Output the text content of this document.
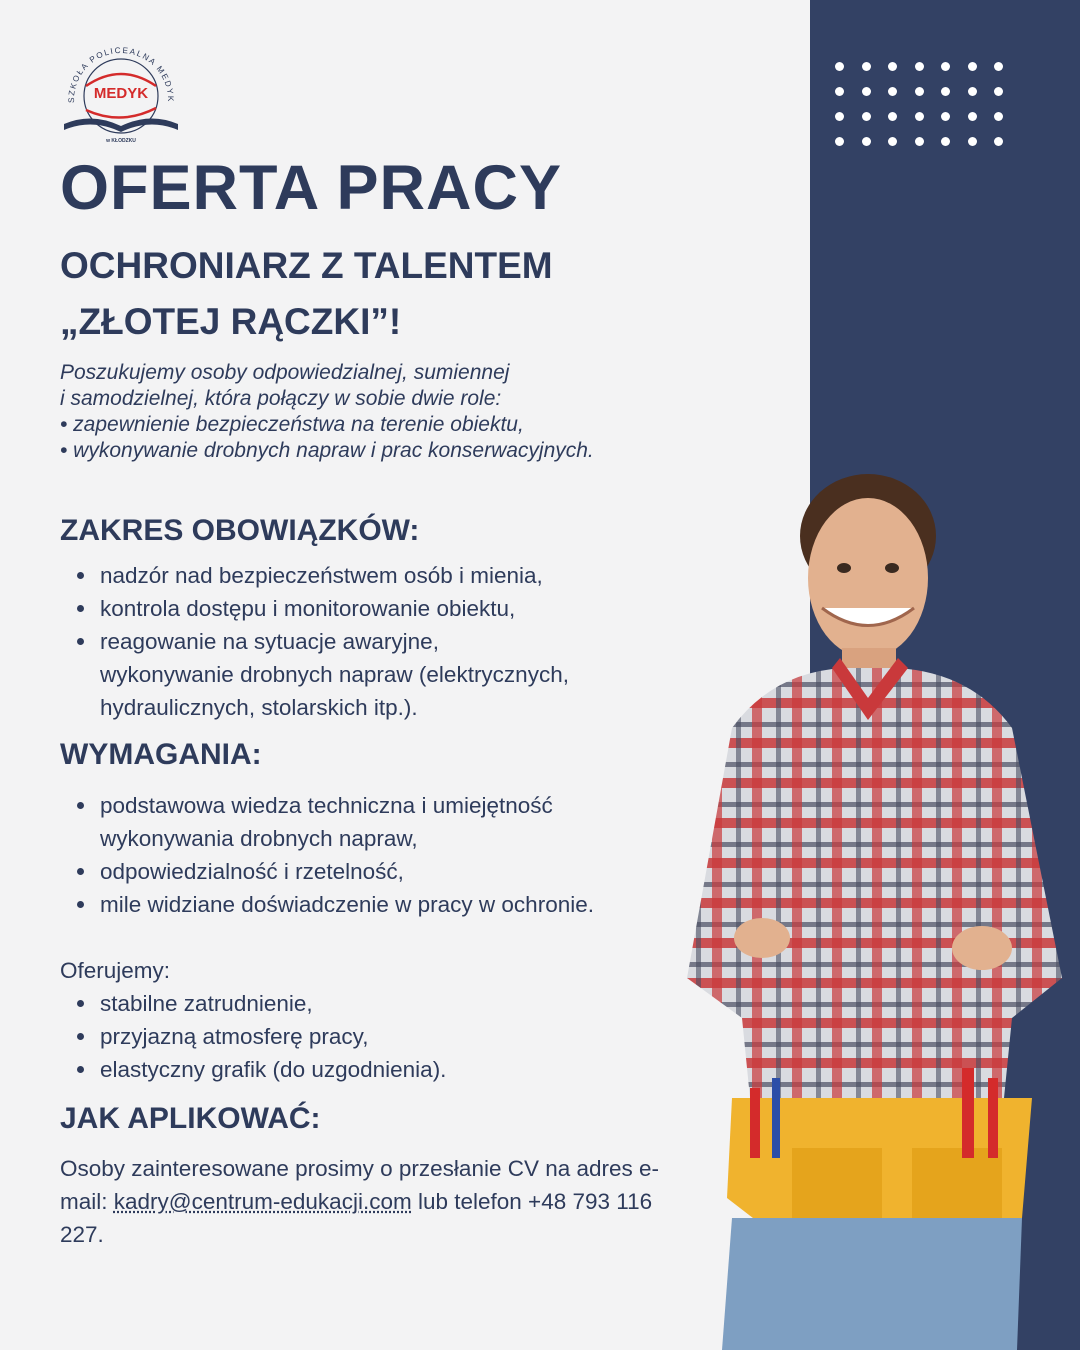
SZKOŁA POLICEALNA MEDYK
MEDYK
w KŁODZKU
OFERTA PRACY
OCHRONIARZ Z TALENTEM
„ZŁOTEJ RĄCZKI”!
Poszukujemy osoby odpowiedzialnej, sumiennej
i samodzielnej, która połączy w sobie dwie role:
• zapewnienie bezpieczeństwa na terenie obiektu,
• wykonywanie drobnych napraw i prac konserwacyjnych.
ZAKRES OBOWIĄZKÓW:
nadzór nad bezpieczeństwem osób i mienia,
kontrola dostępu i monitorowanie obiektu,
reagowanie na sytuacje awaryjne,
wykonywanie drobnych napraw (elektrycznych,
hydraulicznych, stolarskich itp.).
WYMAGANIA:
podstawowa wiedza techniczna i umiejętność
wykonywania drobnych napraw,
odpowiedzialność i rzetelność,
mile widziane doświadczenie w pracy w ochronie.
Oferujemy:
stabilne zatrudnienie,
przyjazną atmosferę pracy,
elastyczny grafik (do uzgodnienia).
JAK APLIKOWAĆ:
Osoby zainteresowane prosimy o przesłanie CV na adres e-mail: kadry@centrum-edukacji.com lub telefon +48 793 116 227.
